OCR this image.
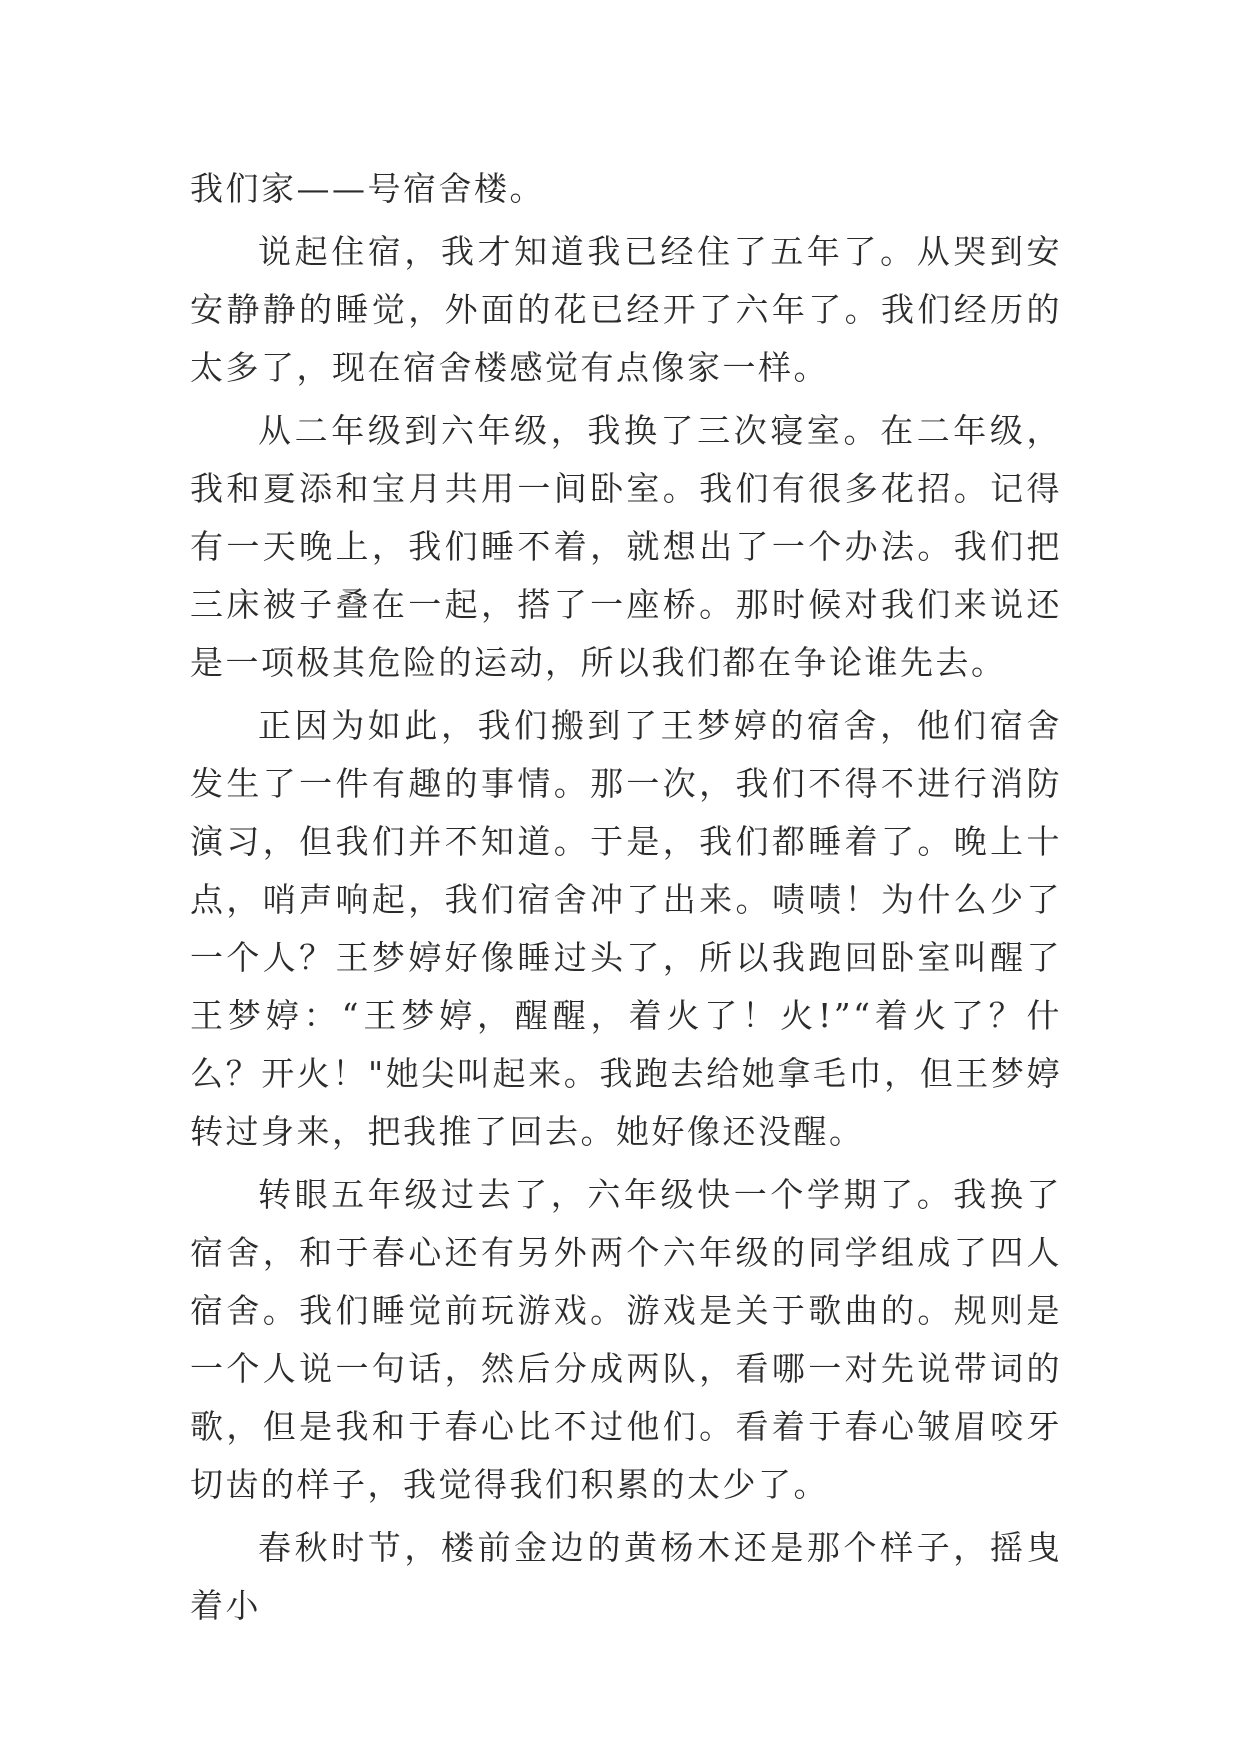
我们家——号宿舍楼。

说起住宿，我才知道我已经住了五年了。从哭到安安静静的睡觉，外面的花已经开了六年了。我们经历的太多了，现在宿舍楼感觉有点像家一样。

从二年级到六年级，我换了三次寝室。在二年级，我和夏添和宝月共用一间卧室。我们有很多花招。记得有一天晚上，我们睡不着，就想出了一个办法。我们把三床被子叠在一起，搭了一座桥。那时候对我们来说还是一项极其危险的运动，所以我们都在争论谁先去。

正因为如此，我们搬到了王梦婷的宿舍，他们宿舍发生了一件有趣的事情。那一次，我们不得不进行消防演习，但我们并不知道。于是，我们都睡着了。晚上十点，哨声响起，我们宿舍冲了出来。啧啧！为什么少了一个人？王梦婷好像睡过头了，所以我跑回卧室叫醒了王梦婷：“王梦婷，醒醒，着火了！火!”“着火了？什么？开火！"她尖叫起来。我跑去给她拿毛巾，但王梦婷转过身来，把我推了回去。她好像还没醒。

转眼五年级过去了，六年级快一个学期了。我换了宿舍，和于春心还有另外两个六年级的同学组成了四人宿舍。我们睡觉前玩游戏。游戏是关于歌曲的。规则是一个人说一句话，然后分成两队，看哪一对先说带词的歌，但是我和于春心比不过他们。看着于春心皱眉咬牙切齿的样子，我觉得我们积累的太少了。

春秋时节，楼前金边的黄杨木还是那个样子，摇曳着小
